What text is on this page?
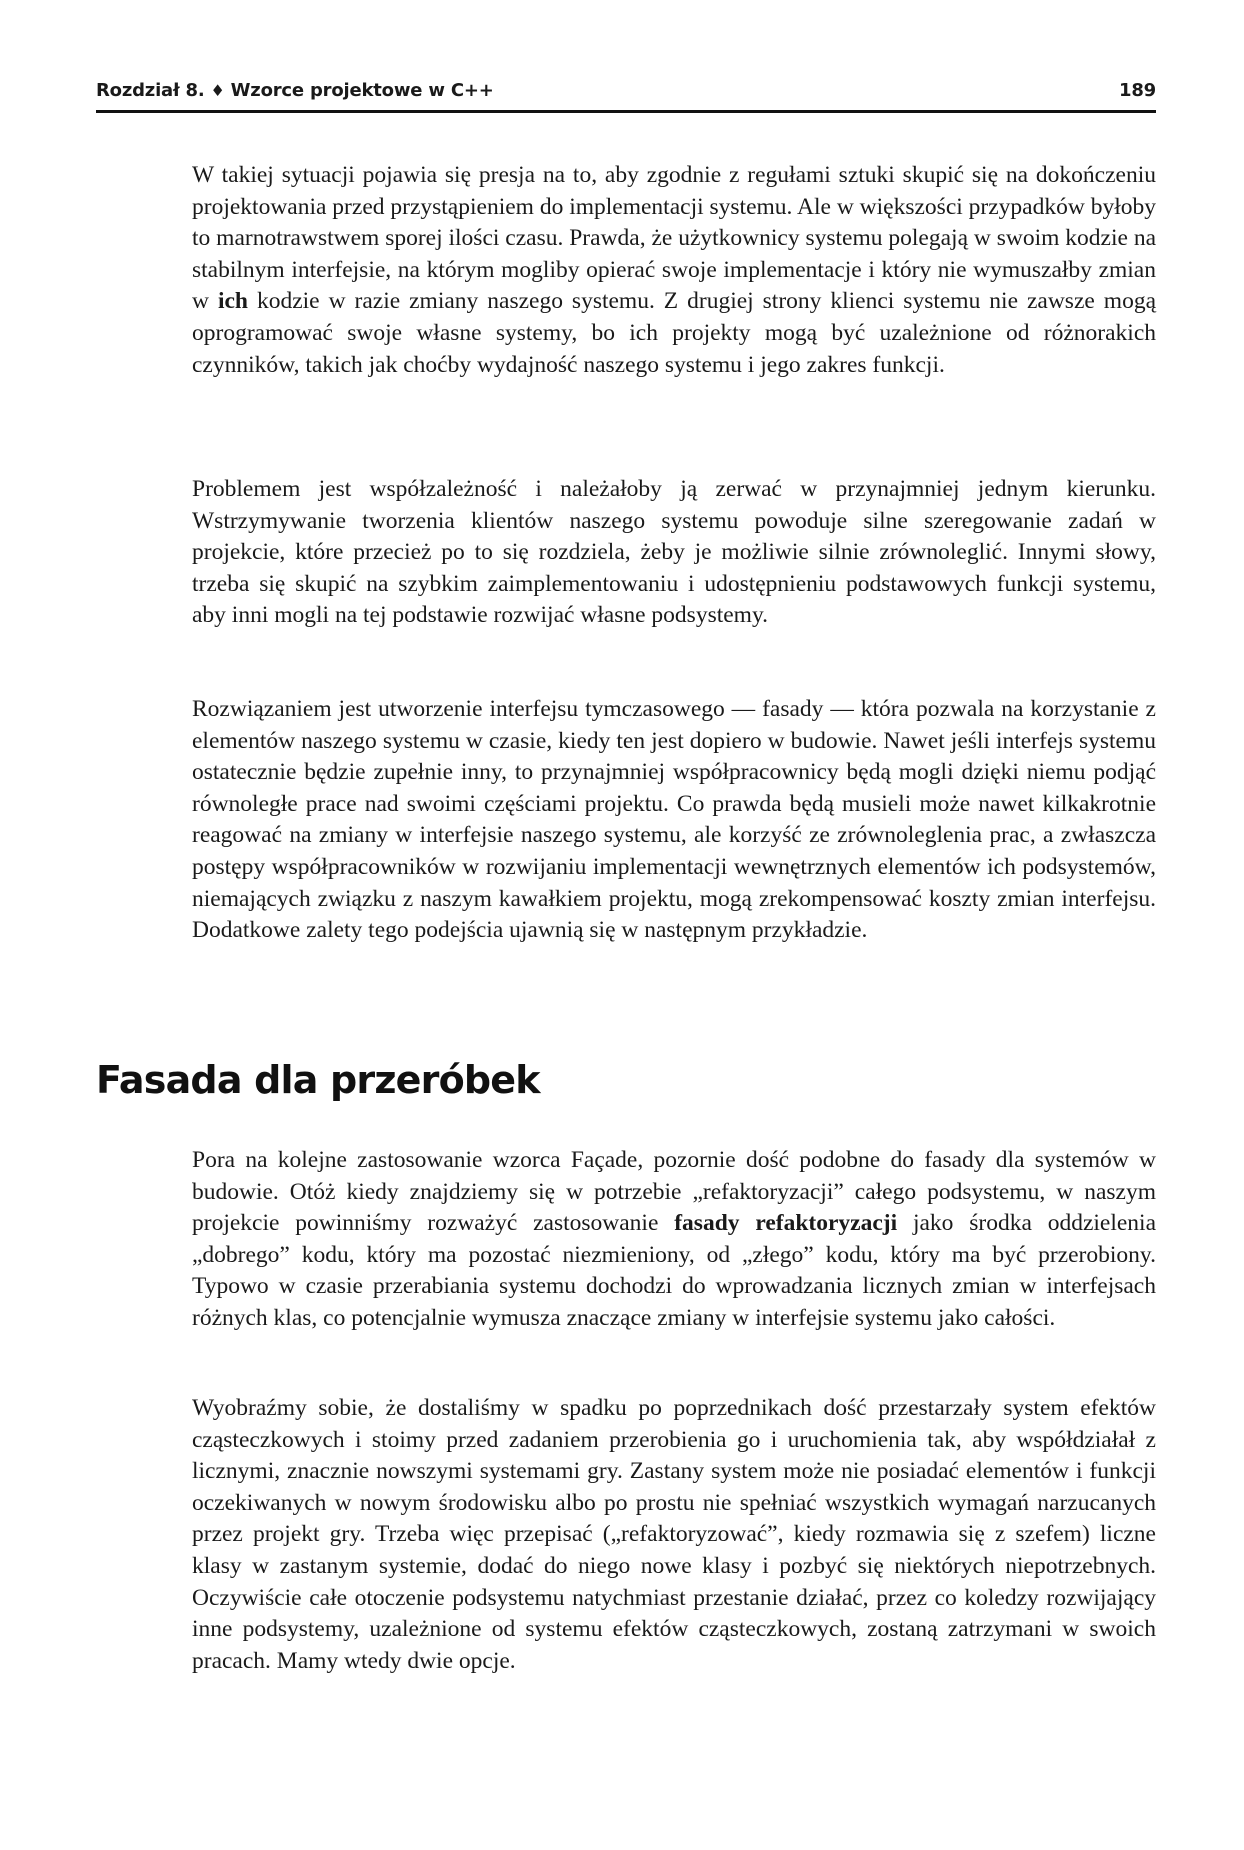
Rozdział 8. ♦ Wzorce projektowe w C++	189

W takiej sytuacji pojawia się presja na to, aby zgodnie z regułami sztuki skupić się na dokończeniu projektowania przed przystąpieniem do implementacji systemu. Ale w większości przypadków byłoby to marnotrawstwem sporej ilości czasu. Prawda, że użytkownicy systemu polegają w swoim kodzie na stabilnym interfejsie, na którym mogliby opierać swoje implementacje i który nie wymuszałby zmian w ich kodzie w razie zmiany naszego systemu. Z drugiej strony klienci systemu nie zawsze mogą oprogramować swoje własne systemy, bo ich projekty mogą być uzależnione od różnorakich czynników, takich jak choćby wydajność naszego systemu i jego zakres funkcji.

Problemem jest współzależność i należałoby ją zerwać w przynajmniej jednym kierunku. Wstrzymywanie tworzenia klientów naszego systemu powoduje silne szeregowanie zadań w projekcie, które przecież po to się rozdziela, żeby je możliwie silnie zrównoleglić. Innymi słowy, trzeba się skupić na szybkim zaimplementowaniu i udostępnieniu podstawowych funkcji systemu, aby inni mogli na tej podstawie rozwijać własne podsystemy.

Rozwiązaniem jest utworzenie interfejsu tymczasowego — fasady — która pozwala na korzystanie z elementów naszego systemu w czasie, kiedy ten jest dopiero w budowie. Nawet jeśli interfejs systemu ostatecznie będzie zupełnie inny, to przynajmniej współpracownicy będą mogli dzięki niemu podjąć równoległe prace nad swoimi częściami projektu. Co prawda będą musieli może nawet kilkakrotnie reagować na zmiany w interfejsie naszego systemu, ale korzyść ze zrównoleglenia prac, a zwłaszcza postępy współpracowników w rozwijaniu implementacji wewnętrznych elementów ich podsystemów, niemających związku z naszym kawałkiem projektu, mogą zrekompensować koszty zmian interfejsu. Dodatkowe zalety tego podejścia ujawnią się w następnym przykładzie.

Fasada dla przeróbek

Pora na kolejne zastosowanie wzorca Façade, pozornie dość podobne do fasady dla systemów w budowie. Otóż kiedy znajdziemy się w potrzebie „refaktoryzacji” całego podsystemu, w naszym projekcie powinniśmy rozważyć zastosowanie fasady refaktoryzacji jako środka oddzielenia „dobrego” kodu, który ma pozostać niezmieniony, od „złego” kodu, który ma być przerobiony. Typowo w czasie przerabiania systemu dochodzi do wprowadzania licznych zmian w interfejsach różnych klas, co potencjalnie wymusza znaczące zmiany w interfejsie systemu jako całości.

Wyobraźmy sobie, że dostaliśmy w spadku po poprzednikach dość przestarzały system efektów cząsteczkowych i stoimy przed zadaniem przerobienia go i uruchomienia tak, aby współdziałał z licznymi, znacznie nowszymi systemami gry. Zastany system może nie posiadać elementów i funkcji oczekiwanych w nowym środowisku albo po prostu nie spełniać wszystkich wymagań narzucanych przez projekt gry. Trzeba więc przepisać („refaktoryzować”, kiedy rozmawia się z szefem) liczne klasy w zastanym systemie, dodać do niego nowe klasy i pozbyć się niektórych niepotrzebnych. Oczywiście całe otoczenie podsystemu natychmiast przestanie działać, przez co koledzy rozwijający inne podsystemy, uzależnione od systemu efektów cząsteczkowych, zostaną zatrzymani w swoich pracach. Mamy wtedy dwie opcje.
